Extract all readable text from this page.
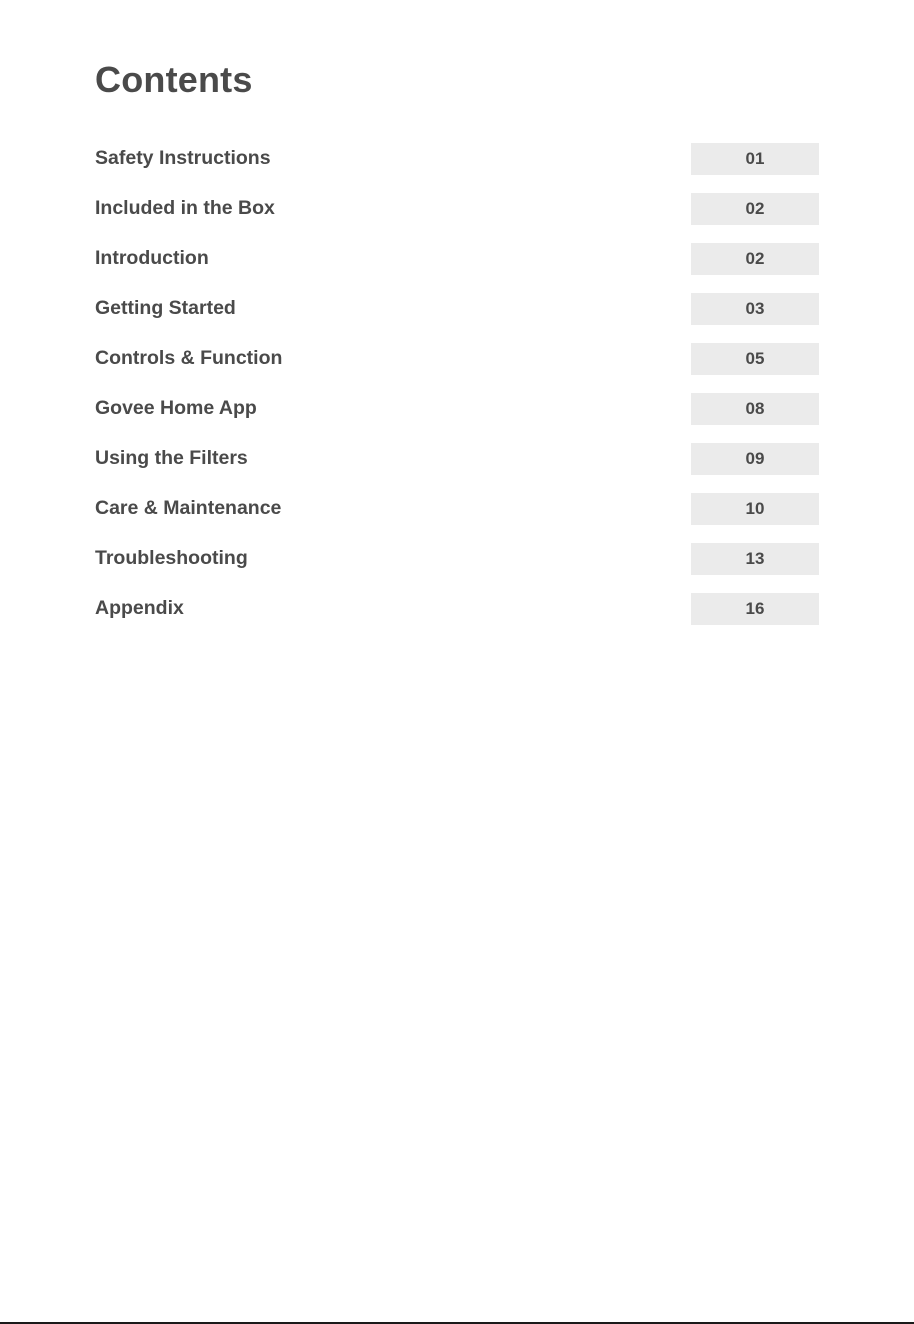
Contents
Safety Instructions	01
Included in the Box	02
Introduction	02
Getting Started	03
Controls & Function	05
Govee Home App	08
Using the Filters	09
Care & Maintenance	10
Troubleshooting	13
Appendix	16
